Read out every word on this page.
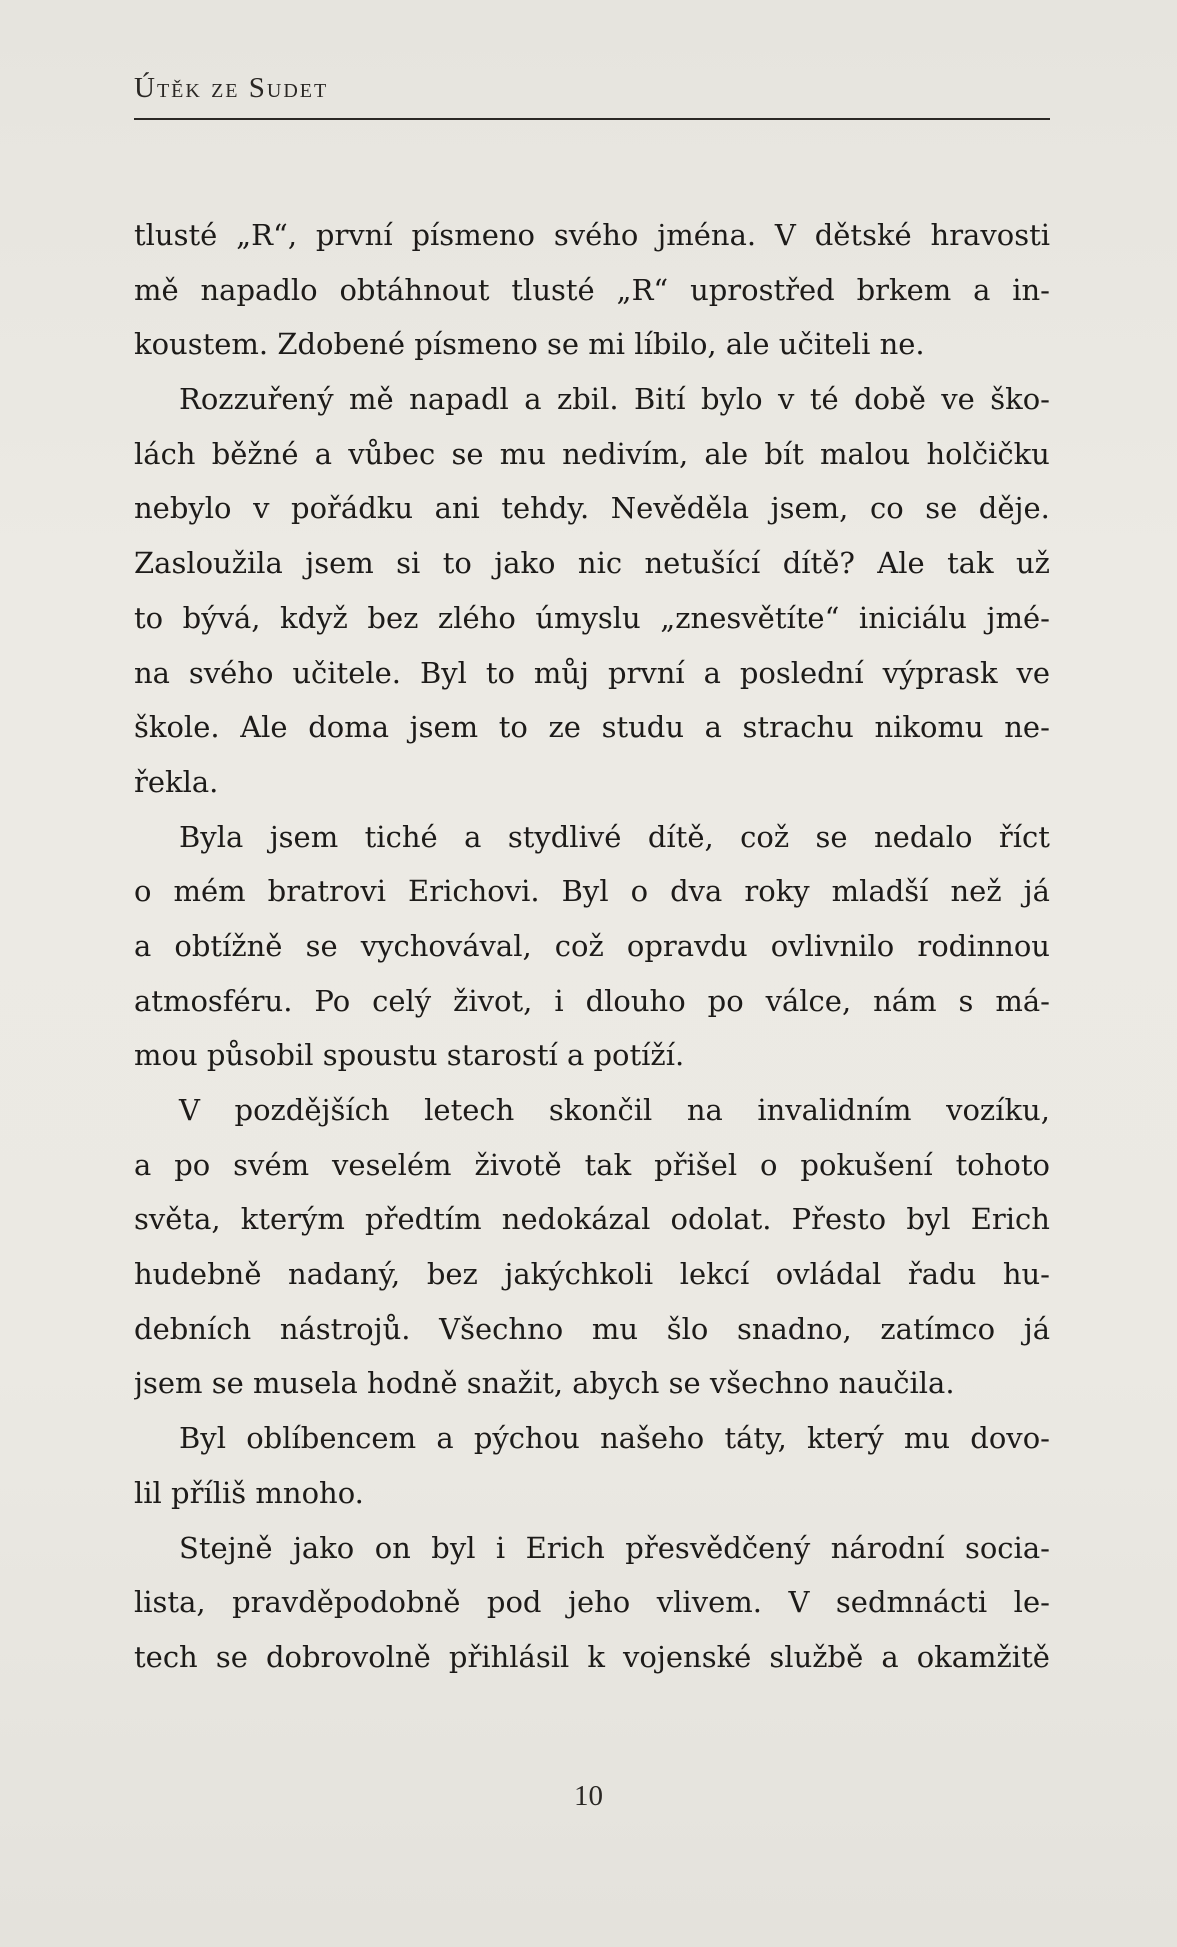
Útěk ze Sudet
tlusté „R“, první písmeno svého jména. V dětské hravosti
mě napadlo obtáhnout tlusté „R“ uprostřed brkem a in-
koustem. Zdobené písmeno se mi líbilo, ale učiteli ne.
Rozzuřený mě napadl a zbil. Bití bylo v té době ve ško-
lách běžné a vůbec se mu nedivím, ale bít malou holčičku
nebylo v pořádku ani tehdy. Nevěděla jsem, co se děje.
Zasloužila jsem si to jako nic netušící dítě? Ale tak už
to bývá, když bez zlého úmyslu „znesvětíte“ iniciálu jmé-
na svého učitele. Byl to můj první a poslední výprask ve
škole. Ale doma jsem to ze studu a strachu nikomu ne-
řekla.
Byla jsem tiché a stydlivé dítě, což se nedalo říct
o mém bratrovi Erichovi. Byl o dva roky mladší než já
a obtížně se vychovával, což opravdu ovlivnilo rodinnou
atmosféru. Po celý život, i dlouho po válce, nám s má-
mou působil spoustu starostí a potíží.
V pozdějších letech skončil na invalidním vozíku,
a po svém veselém životě tak přišel o pokušení tohoto
světa, kterým předtím nedokázal odolat. Přesto byl Erich
hudebně nadaný, bez jakýchkoli lekcí ovládal řadu hu-
debních nástrojů. Všechno mu šlo snadno, zatímco já
jsem se musela hodně snažit, abych se všechno naučila.
Byl oblíbencem a pýchou našeho táty, který mu dovo-
lil příliš mnoho.
Stejně jako on byl i Erich přesvědčený národní socia-
lista, pravděpodobně pod jeho vlivem. V sedmnácti le-
tech se dobrovolně přihlásil k vojenské službě a okamžitě
10
